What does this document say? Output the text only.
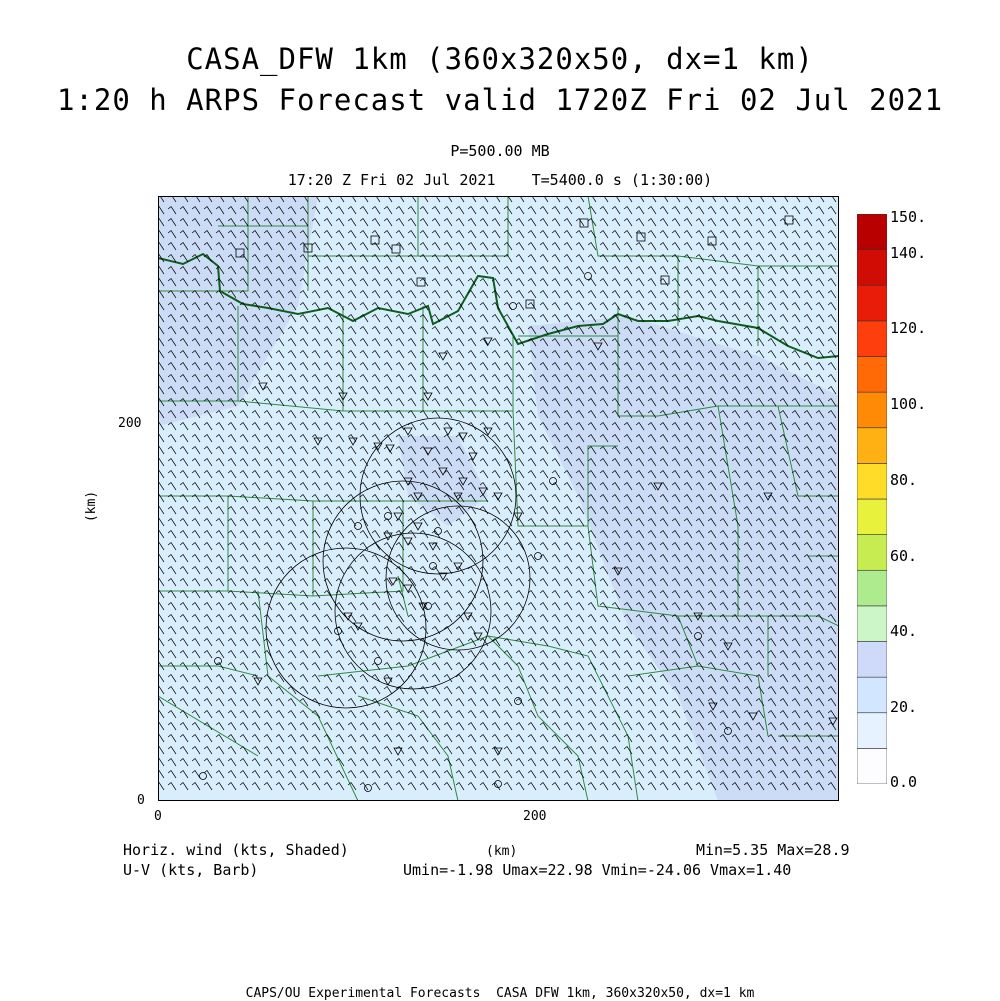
CASA_DFW 1km (360x320x50, dx=1 km)
1:20 h ARPS Forecast valid 1720Z Fri 02 Jul 2021
P=500.00 MB
17:20 Z Fri 02 Jul 2021    T=5400.0 s (1:30:00)
0
200
0	200
(km)
(km)
150.
140.
120.
100.
80.
60.
40.
20.
0.0
Horiz. wind (kts, Shaded)
U-V (kts, Barb)
Min=5.35 Max=28.9
Umin=-1.98 Umax=22.98 Vmin=-24.06 Vmax=1.40
CAPS/OU Experimental Forecasts  CASA DFW 1km, 360x320x50, dx=1 km
